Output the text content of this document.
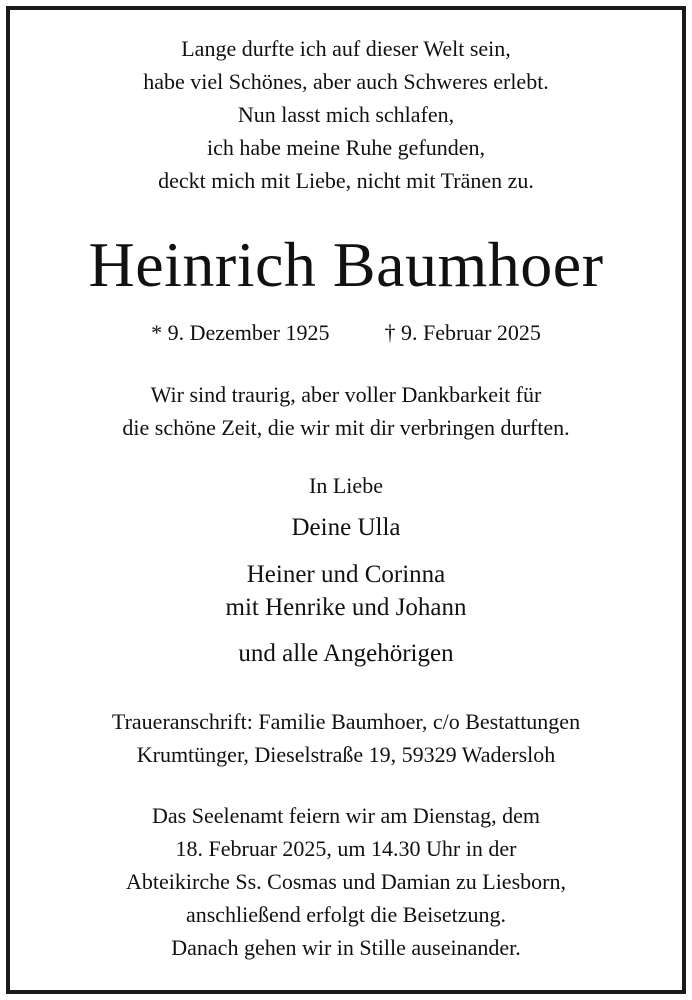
Lange durfte ich auf dieser Welt sein,
habe viel Schönes, aber auch Schweres erlebt.
Nun lasst mich schlafen,
ich habe meine Ruhe gefunden,
deckt mich mit Liebe, nicht mit Tränen zu.
Heinrich Baumhoer
* 9. Dezember 1925	† 9. Februar 2025
Wir sind traurig, aber voller Dankbarkeit für
die schöne Zeit, die wir mit dir verbringen durften.
In Liebe
Deine Ulla
Heiner und Corinna
mit Henrike und Johann
und alle Angehörigen
Traueranschrift: Familie Baumhoer, c/o Bestattungen
Krumtünger, Dieselstraße 19, 59329 Wadersloh
Das Seelenamt feiern wir am Dienstag, dem
18. Februar 2025, um 14.30 Uhr in der
Abteikirche Ss. Cosmas und Damian zu Liesborn,
anschließend erfolgt die Beisetzung.
Danach gehen wir in Stille auseinander.
